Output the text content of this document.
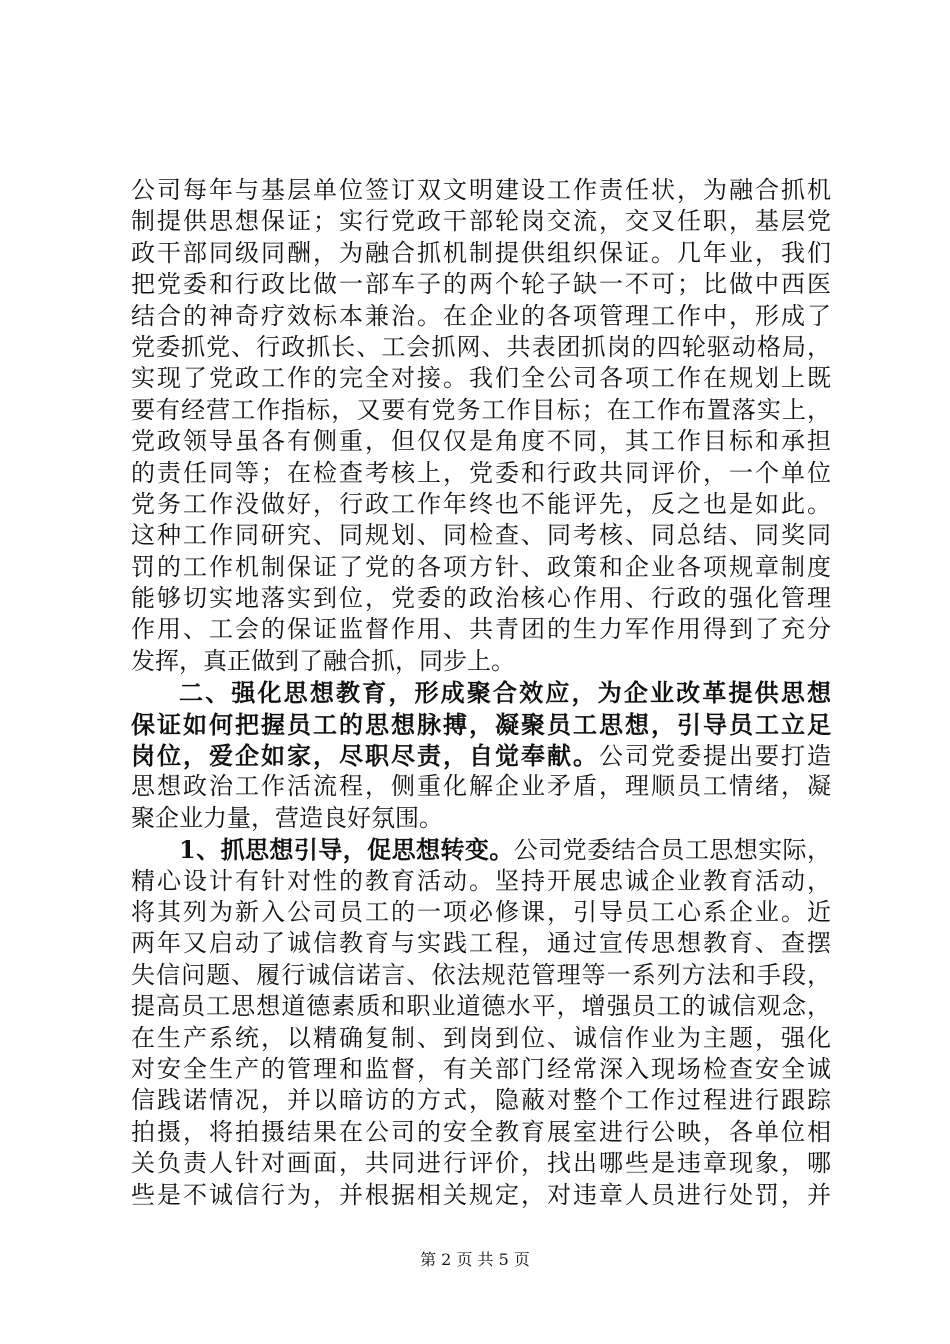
公司每年与基层单位签订双文明建设工作责任状，为融合抓机
制提供思想保证；实行党政干部轮岗交流，交叉任职，基层党
政干部同级同酬，为融合抓机制提供组织保证。几年业，我们
把党委和行政比做一部车子的两个轮子缺一不可；比做中西医
结合的神奇疗效标本兼治。在企业的各项管理工作中，形成了
党委抓党、行政抓长、工会抓网、共表团抓岗的四轮驱动格局，
实现了党政工作的完全对接。我们全公司各项工作在规划上既
要有经营工作指标，又要有党务工作目标；在工作布置落实上，
党政领导虽各有侧重，但仅仅是角度不同，其工作目标和承担
的责任同等；在检查考核上，党委和行政共同评价，一个单位
党务工作没做好，行政工作年终也不能评先，反之也是如此。
这种工作同研究、同规划、同检查、同考核、同总结、同奖同
罚的工作机制保证了党的各项方针、政策和企业各项规章制度
能够切实地落实到位，党委的政治核心作用、行政的强化管理
作用、工会的保证监督作用、共青团的生力军作用得到了充分
发挥，真正做到了融合抓，同步上。
二、强化思想教育，形成聚合效应，为企业改革提供思想
保证如何把握员工的思想脉搏，凝聚员工思想，引导员工立足
岗位，爱企如家，尽职尽责，自觉奉献。公司党委提出要打造
思想政治工作活流程，侧重化解企业矛盾，理顺员工情绪，凝
聚企业力量，营造良好氛围。
1、抓思想引导，促思想转变。公司党委结合员工思想实际，
精心设计有针对性的教育活动。坚持开展忠诚企业教育活动，
将其列为新入公司员工的一项必修课，引导员工心系企业。近
两年又启动了诚信教育与实践工程，通过宣传思想教育、查摆
失信问题、履行诚信诺言、依法规范管理等一系列方法和手段，
提高员工思想道德素质和职业道德水平，增强员工的诚信观念，
在生产系统，以精确复制、到岗到位、诚信作业为主题，强化
对安全生产的管理和监督，有关部门经常深入现场检查安全诚
信践诺情况，并以暗访的方式，隐蔽对整个工作过程进行跟踪
拍摄，将拍摄结果在公司的安全教育展室进行公映，各单位相
关负责人针对画面，共同进行评价，找出哪些是违章现象，哪
些是不诚信行为，并根据相关规定，对违章人员进行处罚，并
第 2 页 共 5 页
